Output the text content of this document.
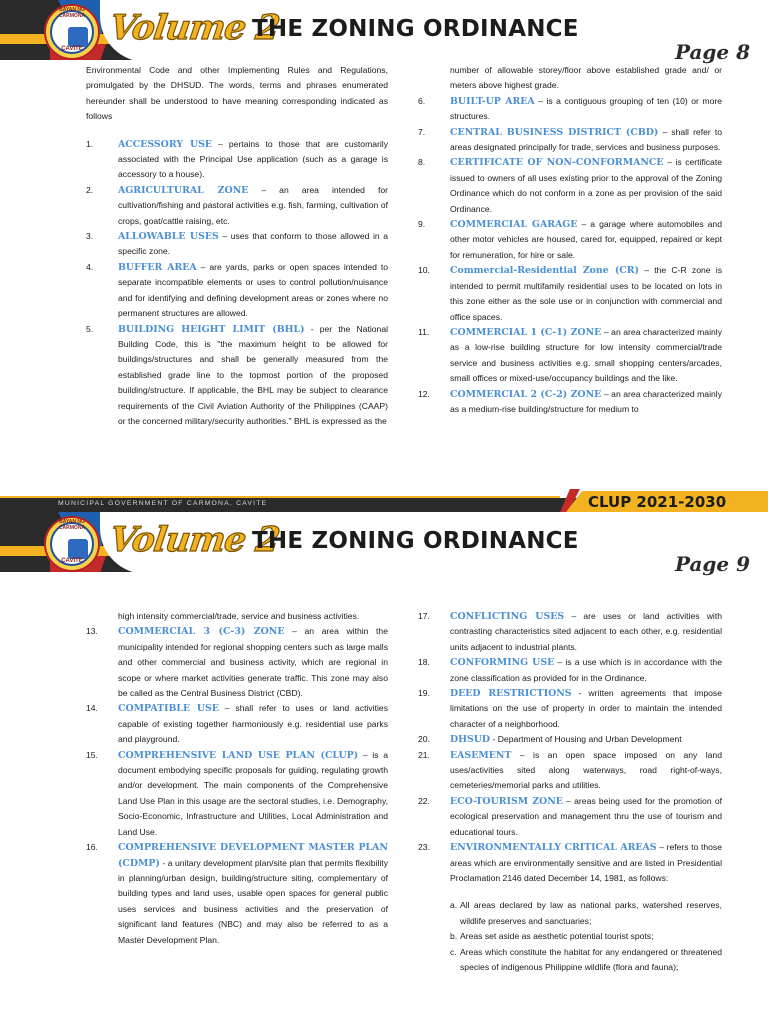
BAYAN NG CARMONA
CAVITE
Volume 2
THE ZONING ORDINANCE
Page 8

Environmental Code and other Implementing Rules and Regulations, promulgated by the DHSUD. The words, terms and phrases enumerated hereunder shall be understood to have meaning corresponding indicated as follows

1.	ACCESSORY USE – pertains to those that are customarily associated with the Principal Use application (such as a garage is accessory to a house).
2.	AGRICULTURAL ZONE – an area intended for cultivation/fishing and pastoral activities e.g. fish, farming, cultivation of crops, goat/cattle raising, etc.
3.	ALLOWABLE USES – uses that conform to those allowed in a specific zone.
4.	BUFFER AREA – are yards, parks or open spaces intended to separate incompatible elements or uses to control pollution/nuisance and for identifying and defining development areas or zones where no permanent structures are allowed.
5.	BUILDING HEIGHT LIMIT (BHL) - per the National Building Code, this is "the maximum height to be allowed for buildings/structures and shall be generally measured from the established grade line to the topmost portion of the proposed building/structure. If applicable, the BHL may be subject to clearance requirements of the Civil Aviation Authority of the Philippines (CAAP) or the concerned military/security authorities." BHL is expressed as the

number of allowable storey/floor above established grade and/ or meters above highest grade.

6.	BUILT-UP AREA – is a contiguous grouping of ten (10) or more structures.
7.	CENTRAL BUSINESS DISTRICT (CBD) – shall refer to areas designated principally for trade, services and business purposes.
8.	CERTIFICATE OF NON-CONFORMANCE – is certificate issued to owners of all uses existing prior to the approval of the Zoning Ordinance which do not conform in a zone as per provision of the said Ordinance.
9.	COMMERCIAL GARAGE – a garage where automobiles and other motor vehicles are housed, cared for, equipped, repaired or kept for remuneration, for hire or sale.
10.	Commercial-Residential Zone (CR) – the C-R zone is intended to permit multifamily residential uses to be located on lots in this zone either as the sole use or in conjunction with commercial and office spaces.
11.	COMMERCIAL 1 (C-1) ZONE – an area characterized mainly as a low-rise building structure for low intensity commercial/trade service and business activities e.g. small shopping centers/arcades, small offices or mixed-use/occupancy buildings and the like.
12.	COMMERCIAL 2 (C-2) ZONE – an area characterized mainly as a medium-rise building/structure for medium to
MUNICIPAL GOVERNMENT OF CARMONA, CAVITE	CLUP 2021-2030
BAYAN NG CARMONA
CAVITE
Volume 2
THE ZONING ORDINANCE
Page 9

high intensity commercial/trade, service and business activities.

13.	COMMERCIAL 3 (C-3) ZONE – an area within the municipality intended for regional shopping centers such as large malls and other commercial and business activity, which are regional in scope or where market activities generate traffic. This zone may also be called as the Central Business District (CBD).
14.	COMPATIBLE USE – shall refer to uses or land activities capable of existing together harmoniously e.g. residential use parks and playground.
15.	COMPREHENSIVE LAND USE PLAN (CLUP) – is a document embodying specific proposals for guiding, regulating growth and/or development. The main components of the Comprehensive Land Use Plan in this usage are the sectoral studies, i.e. Demography, Socio-Economic, Infrastructure and Utilities, Local Administration and Land Use.
16.	COMPREHENSIVE DEVELOPMENT MASTER PLAN (CDMP) - a unitary development plan/site plan that permits flexibility in planning/urban design, building/structure siting, complementary of building types and land uses, usable open spaces for general public uses services and business activities and the preservation of significant land features (NBC) and may also be referred to as a Master Development Plan.
17.	CONFLICTING USES – are uses or land activities with contrasting characteristics sited adjacent to each other, e.g. residential units adjacent to industrial plants.
18.	CONFORMING USE – is a use which is in accordance with the zone classification as provided for in the Ordinance.
19.	DEED RESTRICTIONS - written agreements that impose limitations on the use of property in order to maintain the intended character of a neighborhood.
20.	DHSUD - Department of Housing and Urban Development
21.	EASEMENT – is an open space imposed on any land uses/activities sited along waterways, road right-of-ways, cemeteries/memorial parks and utilities.
22.	ECO-TOURISM ZONE – areas being used for the promotion of ecological preservation and management thru the use of tourism and educational tours.
23.	ENVIRONMENTALLY CRITICAL AREAS – refers to those areas which are environmentally sensitive and are listed in Presidential Proclamation 2146 dated December 14, 1981, as follows:
a. All areas declared by law as national parks, watershed reserves, wildlife preserves and sanctuaries;
b. Areas set aside as aesthetic potential tourist spots;
c. Areas which constitute the habitat for any endangered or threatened species of indigenous Philippine wildlife (flora and fauna);
